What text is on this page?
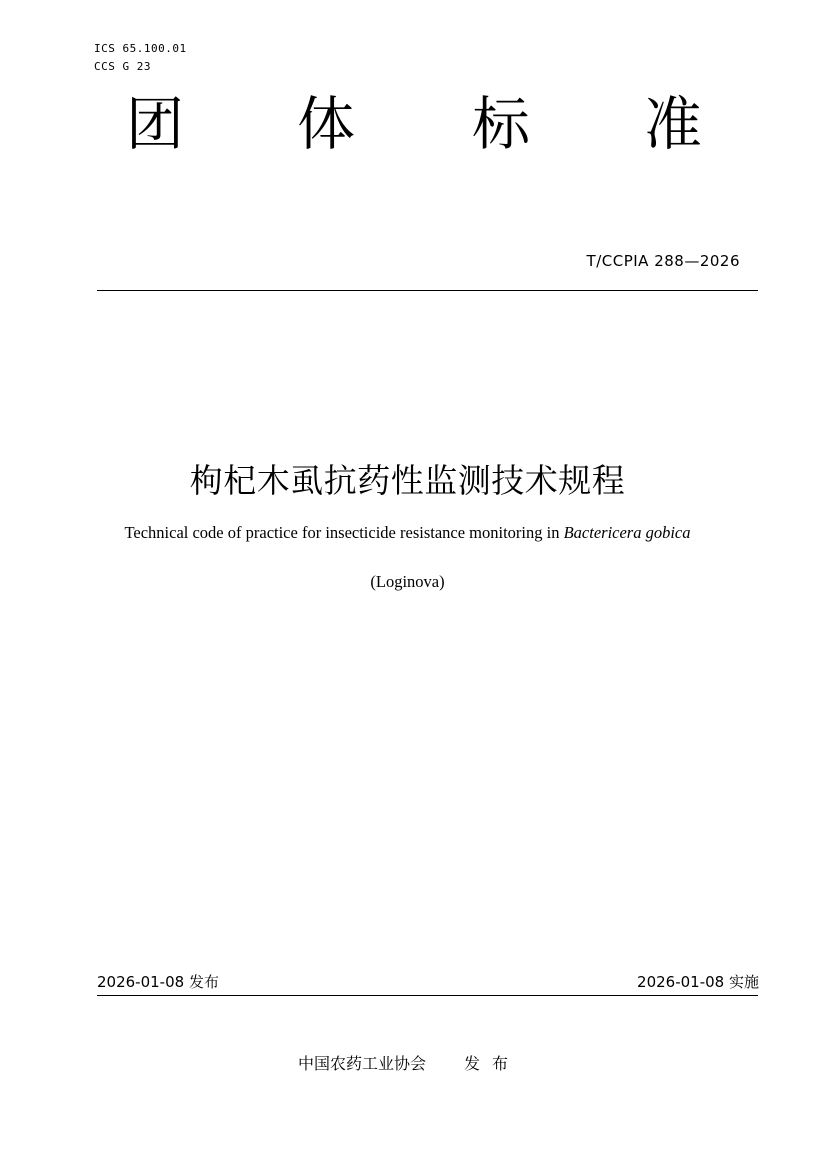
ICS 65.100.01
CCS G 23
团 体 标 准
T/CCPIA 288—2026
枸杞木虱抗药性监测技术规程
Technical code of practice for insecticide resistance monitoring in Bactericera gobica
(Loginova)
2026-01-08 发布	2026-01-08 实施
中国农药工业协会 发布
